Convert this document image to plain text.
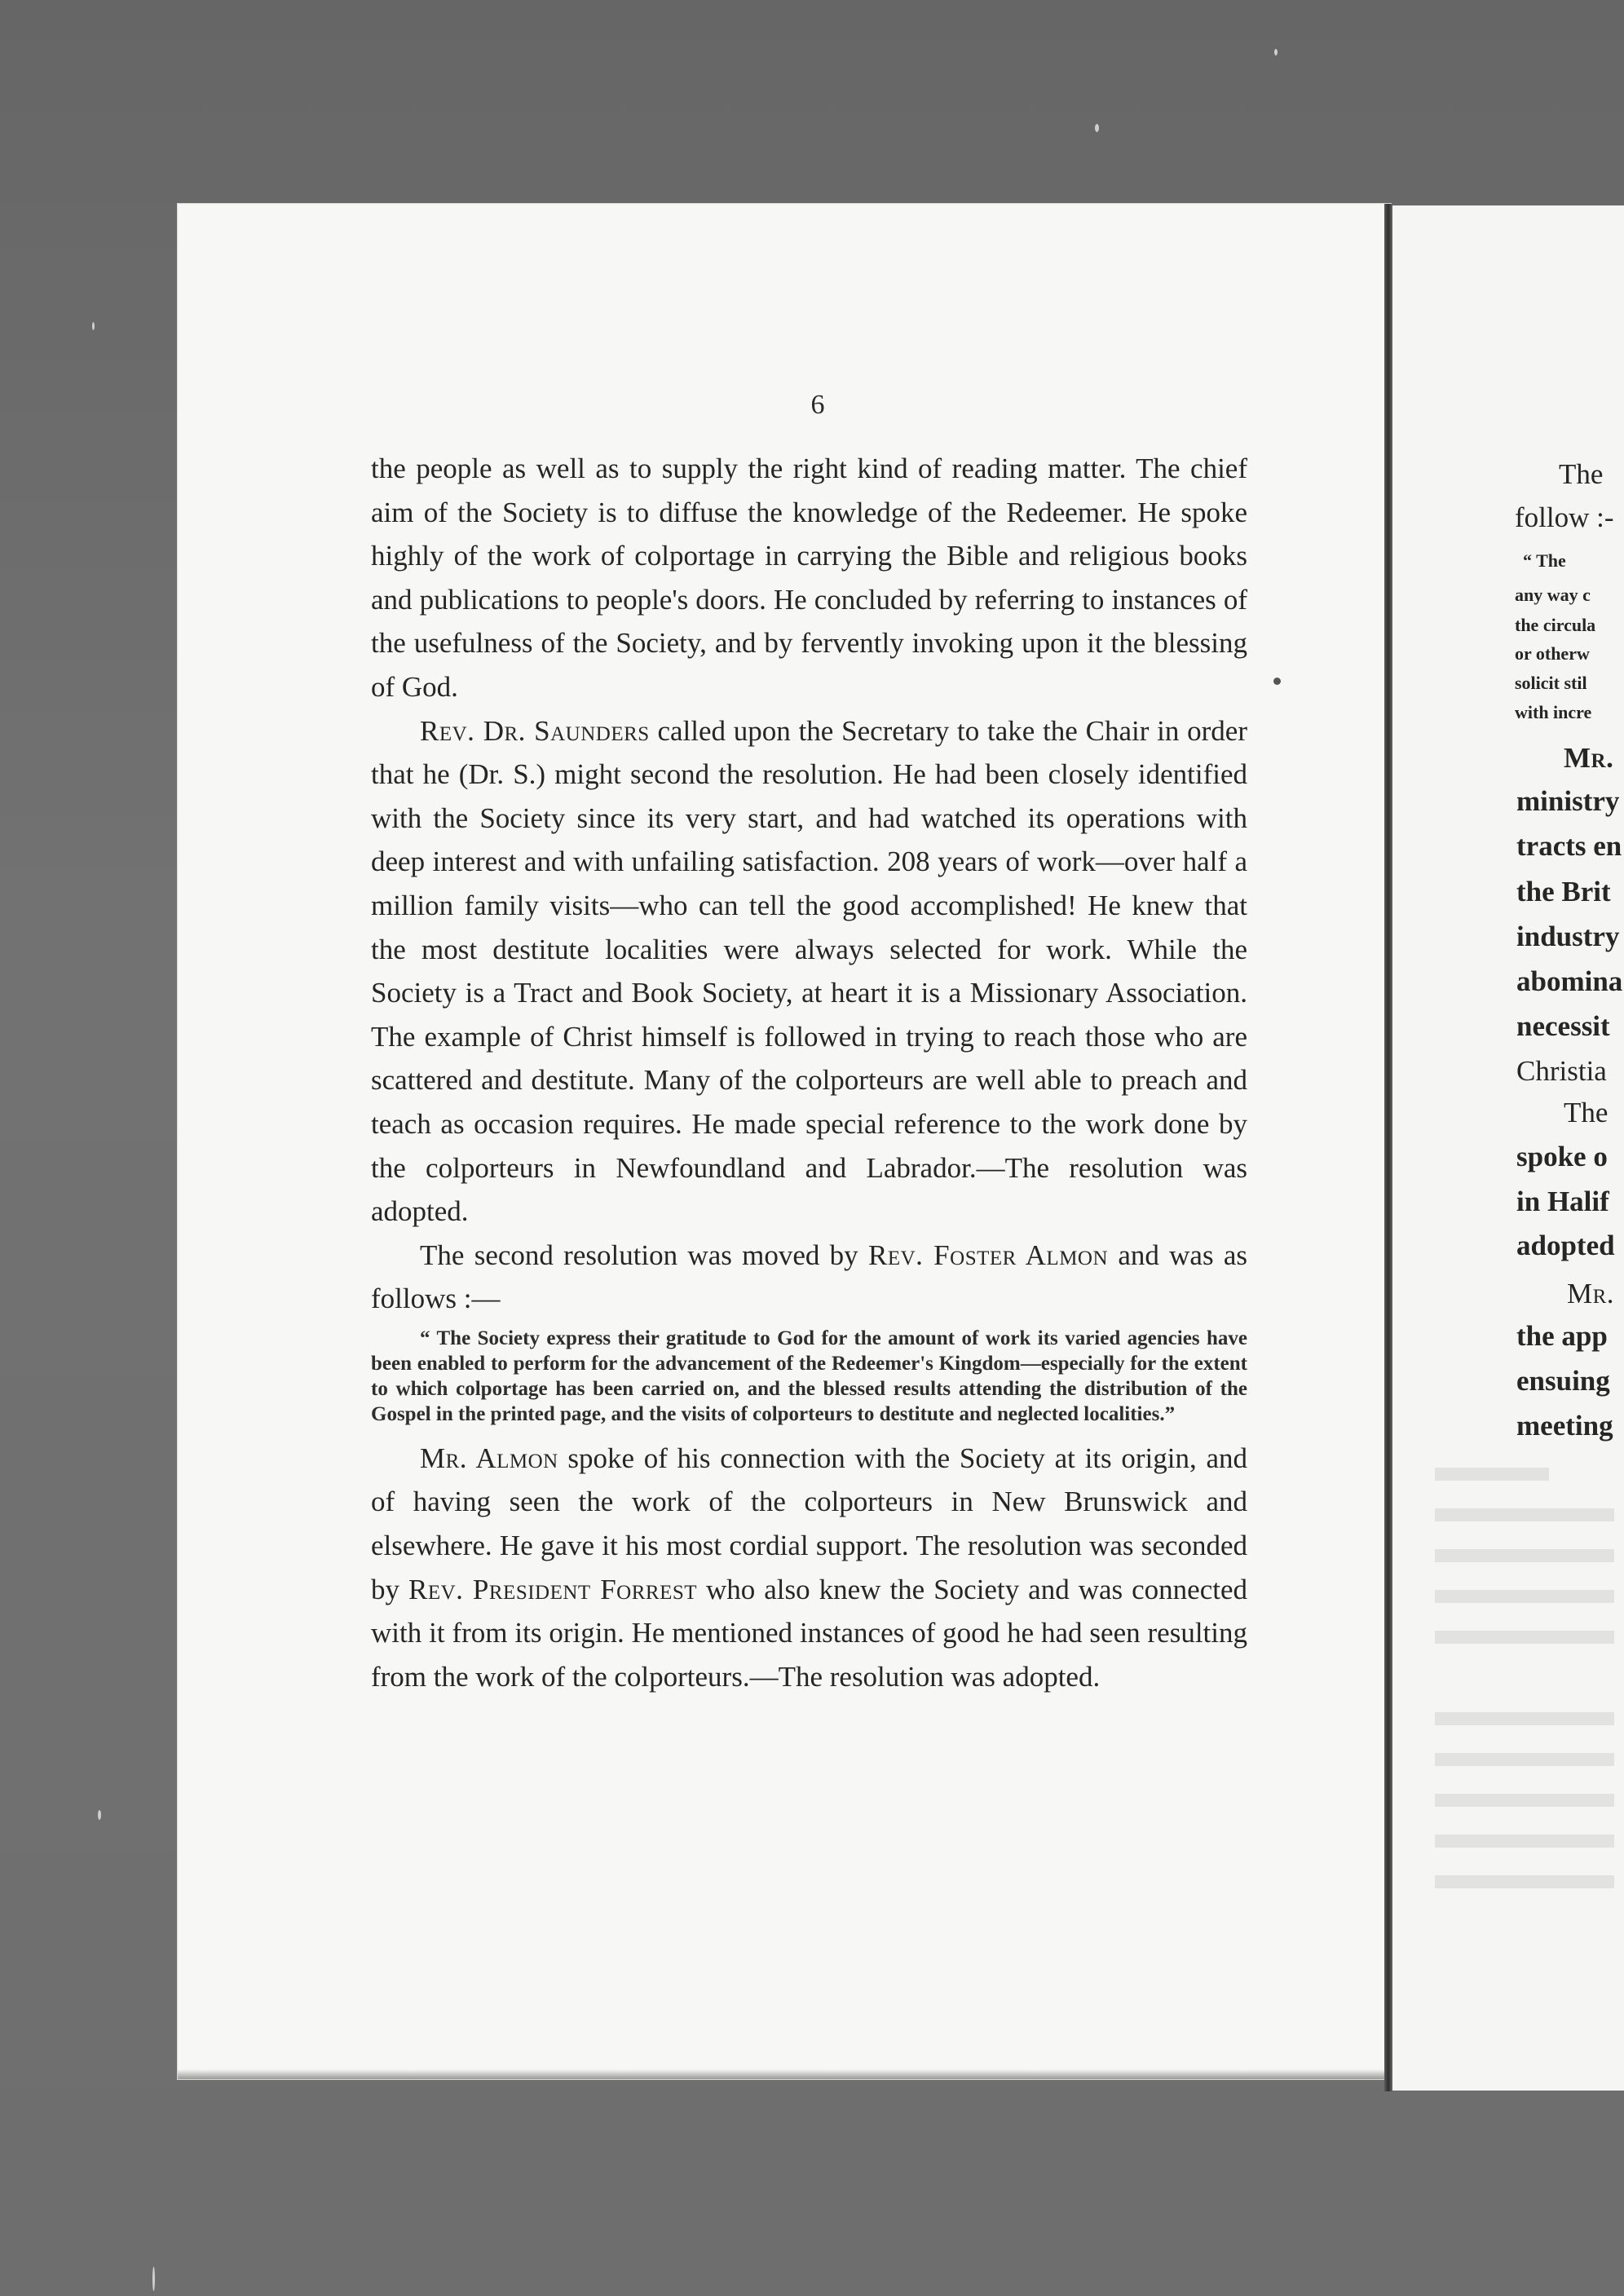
6

the people as well as to supply the right kind of reading matter. The chief aim of the Society is to diffuse the knowledge of the Redeemer. He spoke highly of the work of colportage in carrying the Bible and religious books and publications to people's doors. He concluded by referring to instances of the usefulness of the Society, and by fervently invoking upon it the blessing of God.

Rev. Dr. Saunders called upon the Secretary to take the Chair in order that he (Dr. S.) might second the resolution. He had been closely identified with the Society since its very start, and had watched its operations with deep interest and with unfailing satisfaction. 208 years of work—over half a million family visits—who can tell the good accomplished! He knew that the most destitute localities were always selected for work. While the Society is a Tract and Book Society, at heart it is a Missionary Association. The example of Christ himself is followed in trying to reach those who are scattered and destitute. Many of the colporteurs are well able to preach and teach as occasion requires. He made special reference to the work done by the colporteurs in Newfoundland and Labrador.—The resolution was adopted.

The second resolution was moved by Rev. Foster Almon and was as follows :—

“ The Society express their gratitude to God for the amount of work its varied agencies have been enabled to perform for the advancement of the Redeemer's Kingdom—especially for the extent to which colportage has been carried on, and the blessed results attending the distribution of the Gospel in the printed page, and the visits of colporteurs to destitute and neglected localities.”

Mr. Almon spoke of his connection with the Society at its origin, and of having seen the work of the colporteurs in New Brunswick and elsewhere. He gave it his most cordial support. The resolution was seconded by Rev. President Forrest who also knew the Society and was connected with it from its origin. He mentioned instances of good he had seen resulting from the work of the colporteurs.—The resolution was adopted.

The
follow :-
“ The
any way c
the circula
or otherw
solicit stil
with incre
Mr.
ministry
tracts en
the Brit
industry
abomina
necessit
Christia
The
spoke o
in Halif
adopted
Mr.
the app
ensuing
meeting
